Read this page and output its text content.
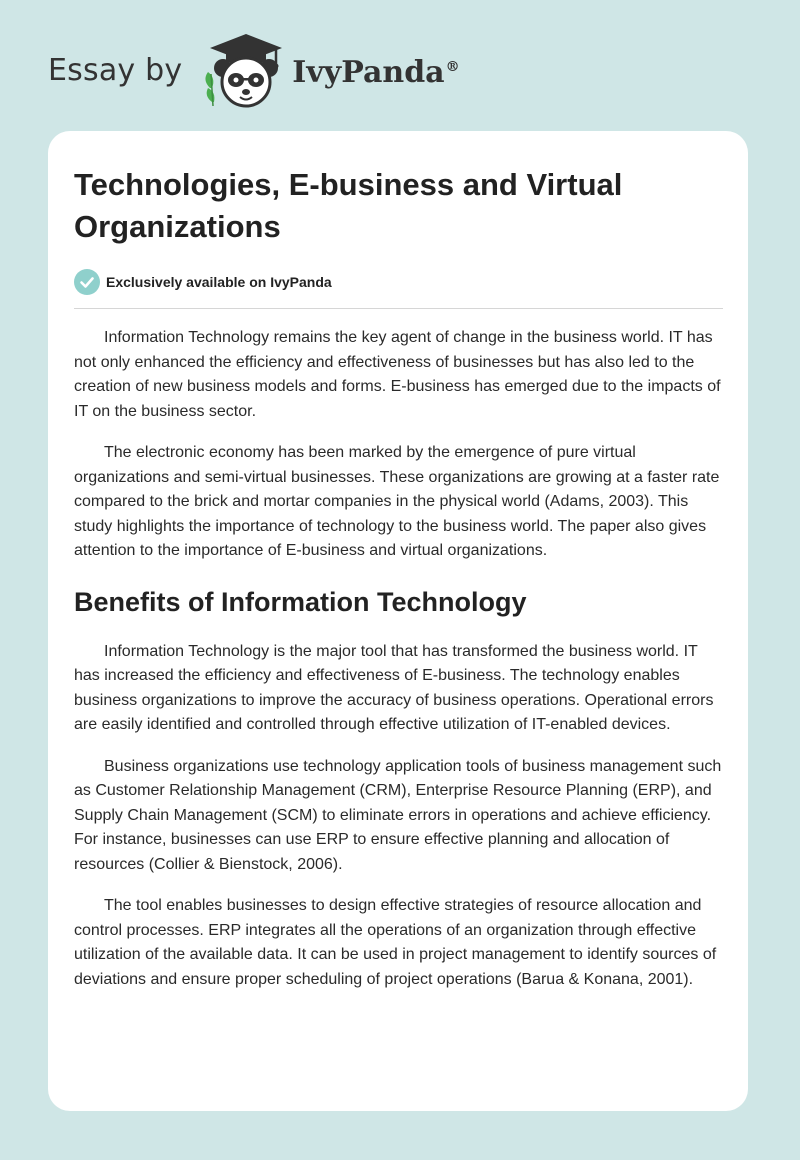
Essay by	IvyPanda®
Technologies, E-business and Virtual Organizations
Exclusively available on IvyPanda

Information Technology remains the key agent of change in the business world. IT has not only enhanced the efficiency and effectiveness of businesses but has also led to the creation of new business models and forms. E-business has emerged due to the impacts of IT on the business sector.

The electronic economy has been marked by the emergence of pure virtual organizations and semi-virtual businesses. These organizations are growing at a faster rate compared to the brick and mortar companies in the physical world (Adams, 2003). This study highlights the importance of technology to the business world. The paper also gives attention to the importance of E-business and virtual organizations.

Benefits of Information Technology

Information Technology is the major tool that has transformed the business world. IT has increased the efficiency and effectiveness of E-business. The technology enables business organizations to improve the accuracy of business operations. Operational errors are easily identified and controlled through effective utilization of IT-enabled devices.

Business organizations use technology application tools of business management such as Customer Relationship Management (CRM), Enterprise Resource Planning (ERP), and Supply Chain Management (SCM) to eliminate errors in operations and achieve efficiency. For instance, businesses can use ERP to ensure effective planning and allocation of resources (Collier & Bienstock, 2006).

The tool enables businesses to design effective strategies of resource allocation and control processes. ERP integrates all the operations of an organization through effective utilization of the available data. It can be used in project management to identify sources of deviations and ensure proper scheduling of project operations (Barua & Konana, 2001).
